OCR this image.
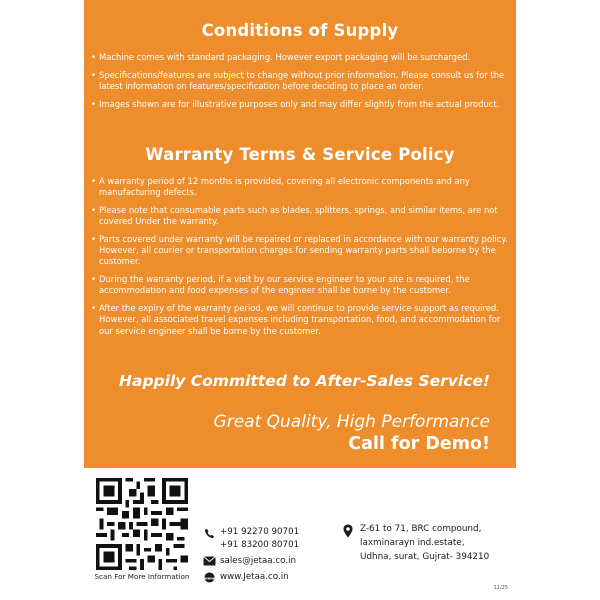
Conditions of Supply
• Machine comes with standard packaging. However export packaging will be surcharged.
• Specifications/features are subject to change without prior information. Please consult us for the latest information on features/specification before deciding to place an order.
• Images shown are for illustrative purposes only and may differ slightly from the actual product.
Warranty Terms & Service Policy
• A warranty period of 12 months is provided, covering all electronic components and any manufacturing defects.
• Please note that consumable parts such as blades, splitters, springs, and similar items, are not covered Under the warranty.
• Parts covered under warranty will be repaired or replaced in accordance with our warranty policy. However, all courier or transportation charges for sending warranty parts shall beborne by the customer.
• During the warranty period, if a visit by our service engineer to your site is required, the accommodation and food expenses of the engineer shall be borne by the customer.
• After the expiry of the warranty period, we will continue to provide service support as required. However, all associated travel expenses including transportation, food, and accommodation for our service engineer shall be borne by the customer.
Happily Committed to After-Sales Service!
Great Quality, High Performance
Call for Demo!
Scan For More Information
+91 92270 90701
+91 83200 80701
sales@jetaa.co.in
www www.Jetaa.co.in
Z-61 to 71, BRC compound,
laxminarayn ind.estate,
Udhna, surat, Gujrat- 394210
11/25
